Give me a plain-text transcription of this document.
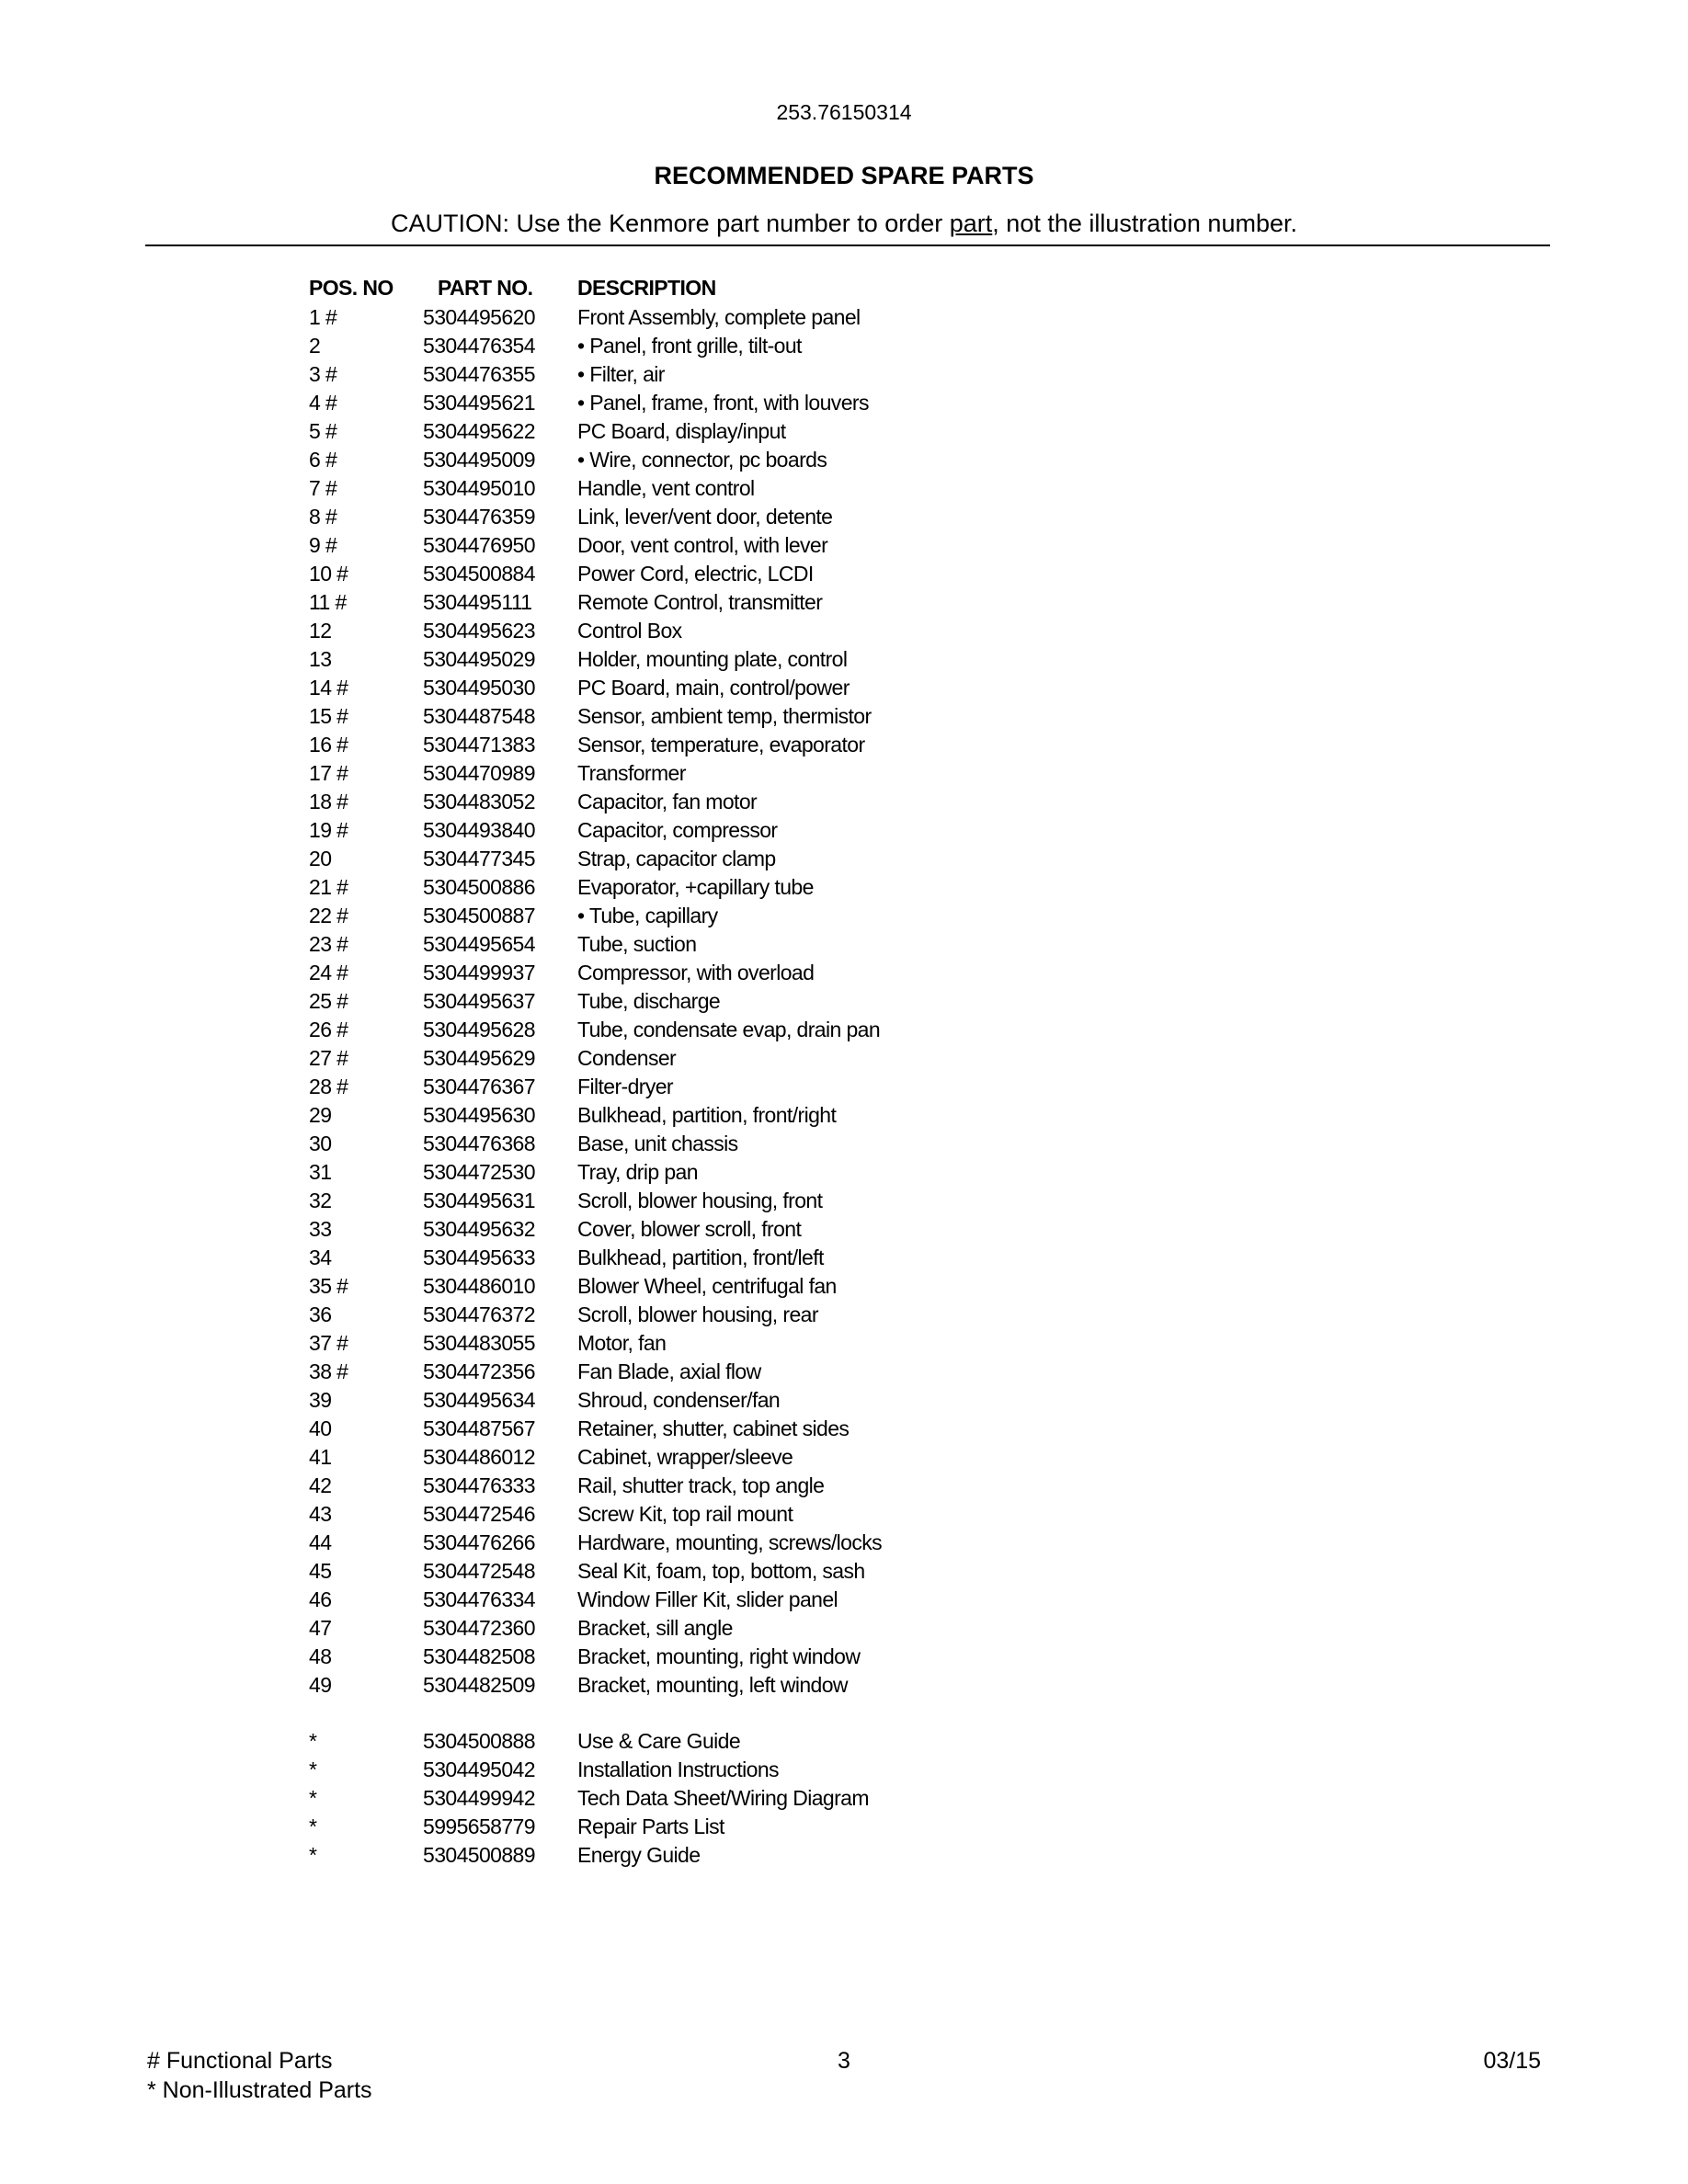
253.76150314
RECOMMENDED SPARE PARTS
CAUTION: Use the Kenmore part number to order part, not the illustration number.
POS. NO PART NO. DESCRIPTION
1 #	5304495620 Front Assembly, complete panel
2	5304476354 • Panel, front grille, tilt-out
3 #	5304476355 • Filter, air
4 #	5304495621 • Panel, frame, front, with louvers
5 #	5304495622 PC Board, display/input
6 #	5304495009 • Wire, connector, pc boards
7 #	5304495010 Handle, vent control
8 #	5304476359 Link, lever/vent door, detente
9 #	5304476950 Door, vent control, with lever
10 #	5304500884 Power Cord, electric, LCDI
11 #	5304495111 Remote Control, transmitter
12	5304495623 Control Box
13	5304495029 Holder, mounting plate, control
14 #	5304495030 PC Board, main, control/power
15 #	5304487548 Sensor, ambient temp, thermistor
16 #	5304471383 Sensor, temperature, evaporator
17 #	5304470989 Transformer
18 #	5304483052 Capacitor, fan motor
19 #	5304493840 Capacitor, compressor
20	5304477345 Strap, capacitor clamp
21 #	5304500886 Evaporator, +capillary tube
22 #	5304500887 • Tube, capillary
23 #	5304495654 Tube, suction
24 #	5304499937 Compressor, with overload
25 #	5304495637 Tube, discharge
26 #	5304495628 Tube, condensate evap, drain pan
27 #	5304495629 Condenser
28 #	5304476367 Filter-dryer
29	5304495630 Bulkhead, partition, front/right
30	5304476368 Base, unit chassis
31	5304472530 Tray, drip pan
32	5304495631 Scroll, blower housing, front
33	5304495632 Cover, blower scroll, front
34	5304495633 Bulkhead, partition, front/left
35 #	5304486010 Blower Wheel, centrifugal fan
36	5304476372 Scroll, blower housing, rear
37 #	5304483055 Motor, fan
38 #	5304472356 Fan Blade, axial flow
39	5304495634 Shroud, condenser/fan
40	5304487567 Retainer, shutter, cabinet sides
41	5304486012 Cabinet, wrapper/sleeve
42	5304476333 Rail, shutter track, top angle
43	5304472546 Screw Kit, top rail mount
44	5304476266 Hardware, mounting, screws/locks
45	5304472548 Seal Kit, foam, top, bottom, sash
46	5304476334 Window Filler Kit, slider panel
47	5304472360 Bracket, sill angle
48	5304482508 Bracket, mounting, right window
49	5304482509 Bracket, mounting, left window
*	5304500888 Use & Care Guide
*	5304495042 Installation Instructions
*	5304499942 Tech Data Sheet/Wiring Diagram
*	5995658779 Repair Parts List
*	5304500889 Energy Guide
# Functional Parts
* Non-Illustrated Parts
3	03/15
